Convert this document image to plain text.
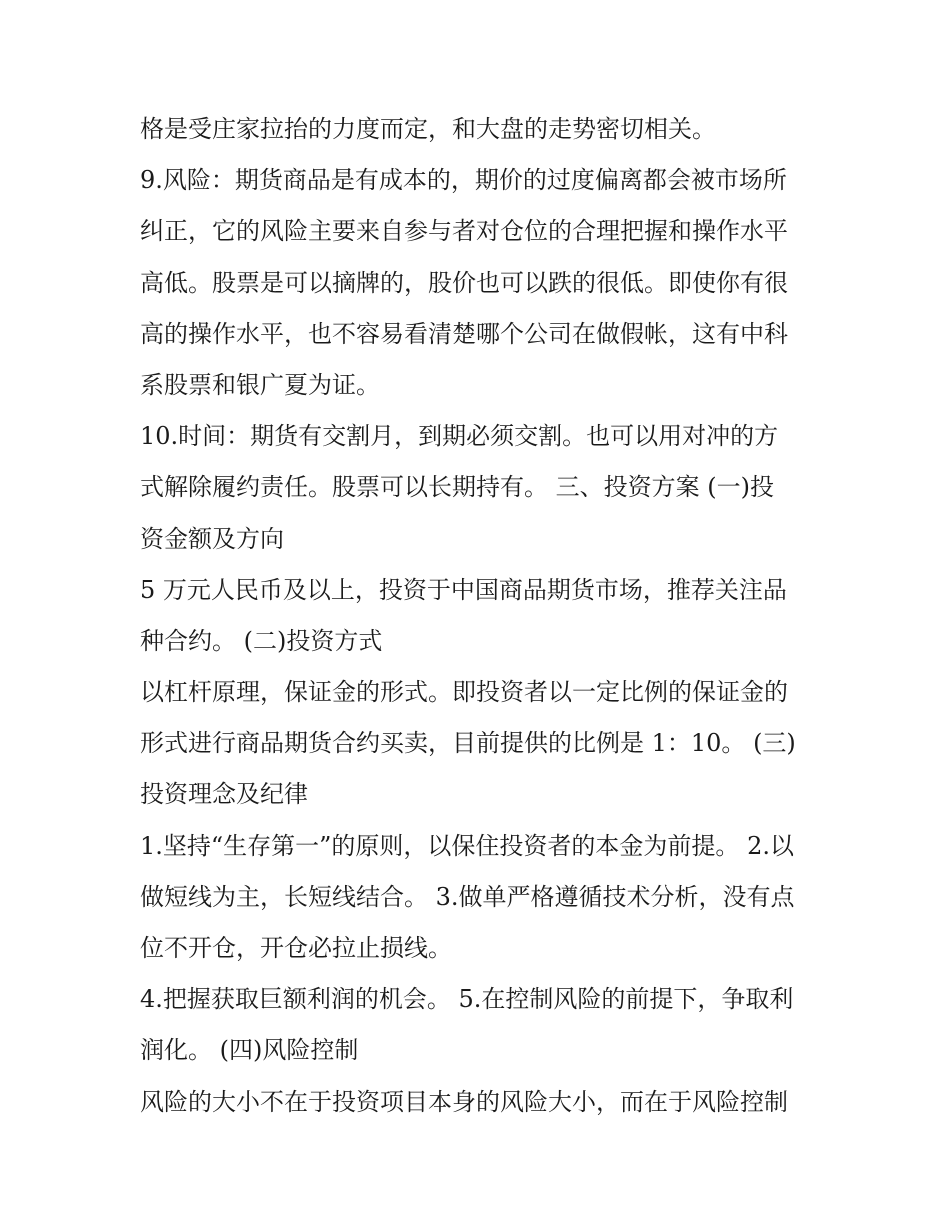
格是受庄家拉抬的力度而定，和大盘的走势密切相关。
9.风险：期货商品是有成本的，期价的过度偏离都会被市场所
纠正，它的风险主要来自参与者对仓位的合理把握和操作水平
高低。股票是可以摘牌的，股价也可以跌的很低。即使你有很
高的操作水平，也不容易看清楚哪个公司在做假帐，这有中科
系股票和银广夏为证。
10.时间：期货有交割月，到期必须交割。也可以用对冲的方
式解除履约责任。股票可以长期持有。 三、投资方案 (一)投
资金额及方向
5 万元人民币及以上，投资于中国商品期货市场，推荐关注品
种合约。 (二)投资方式
以杠杆原理，保证金的形式。即投资者以一定比例的保证金的
形式进行商品期货合约买卖，目前提供的比例是 1：10。 (三)
投资理念及纪律
1.坚持“生存第一”的原则，以保住投资者的本金为前提。 2.以
做短线为主，长短线结合。 3.做单严格遵循技术分析，没有点
位不开仓，开仓必拉止损线。
4.把握获取巨额利润的机会。 5.在控制风险的前提下，争取利
润化。 (四)风险控制
风险的大小不在于投资项目本身的风险大小，而在于风险控制
